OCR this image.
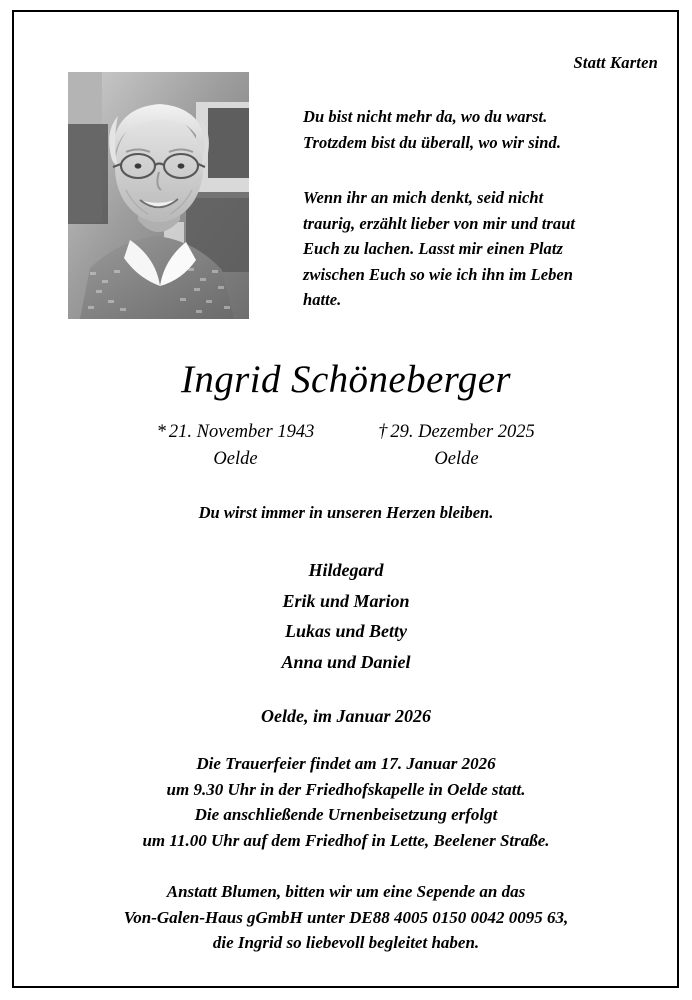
Statt Karten

Du bist nicht mehr da, wo du warst.

Trotzdem bist du überall, wo wir sind.

Wenn ihr an mich denkt, seid nicht

traurig, erzählt lieber von mir und traut

Euch zu lachen. Lasst mir einen Platz

zwischen Euch so wie ich ihn im Leben

hatte.

Ingrid Schöneberger
* 21. November 1943
Oelde
† 29. Dezember 2025
Oelde
Du wirst immer in unseren Herzen bleiben.
Hildegard
Erik und Marion
Lukas und Betty
Anna und Daniel
Oelde, im Januar 2026
Die Trauerfeier findet am 17. Januar 2026
um 9.30 Uhr in der Friedhofskapelle in Oelde statt.
Die anschließende Urnenbeisetzung erfolgt
um 11.00 Uhr auf dem Friedhof in Lette, Beelener Straße.
Anstatt Blumen, bitten wir um eine Sepende an das
Von-Galen-Haus gGmbH unter DE88 4005 0150 0042 0095 63,
die Ingrid so liebevoll begleitet haben.
